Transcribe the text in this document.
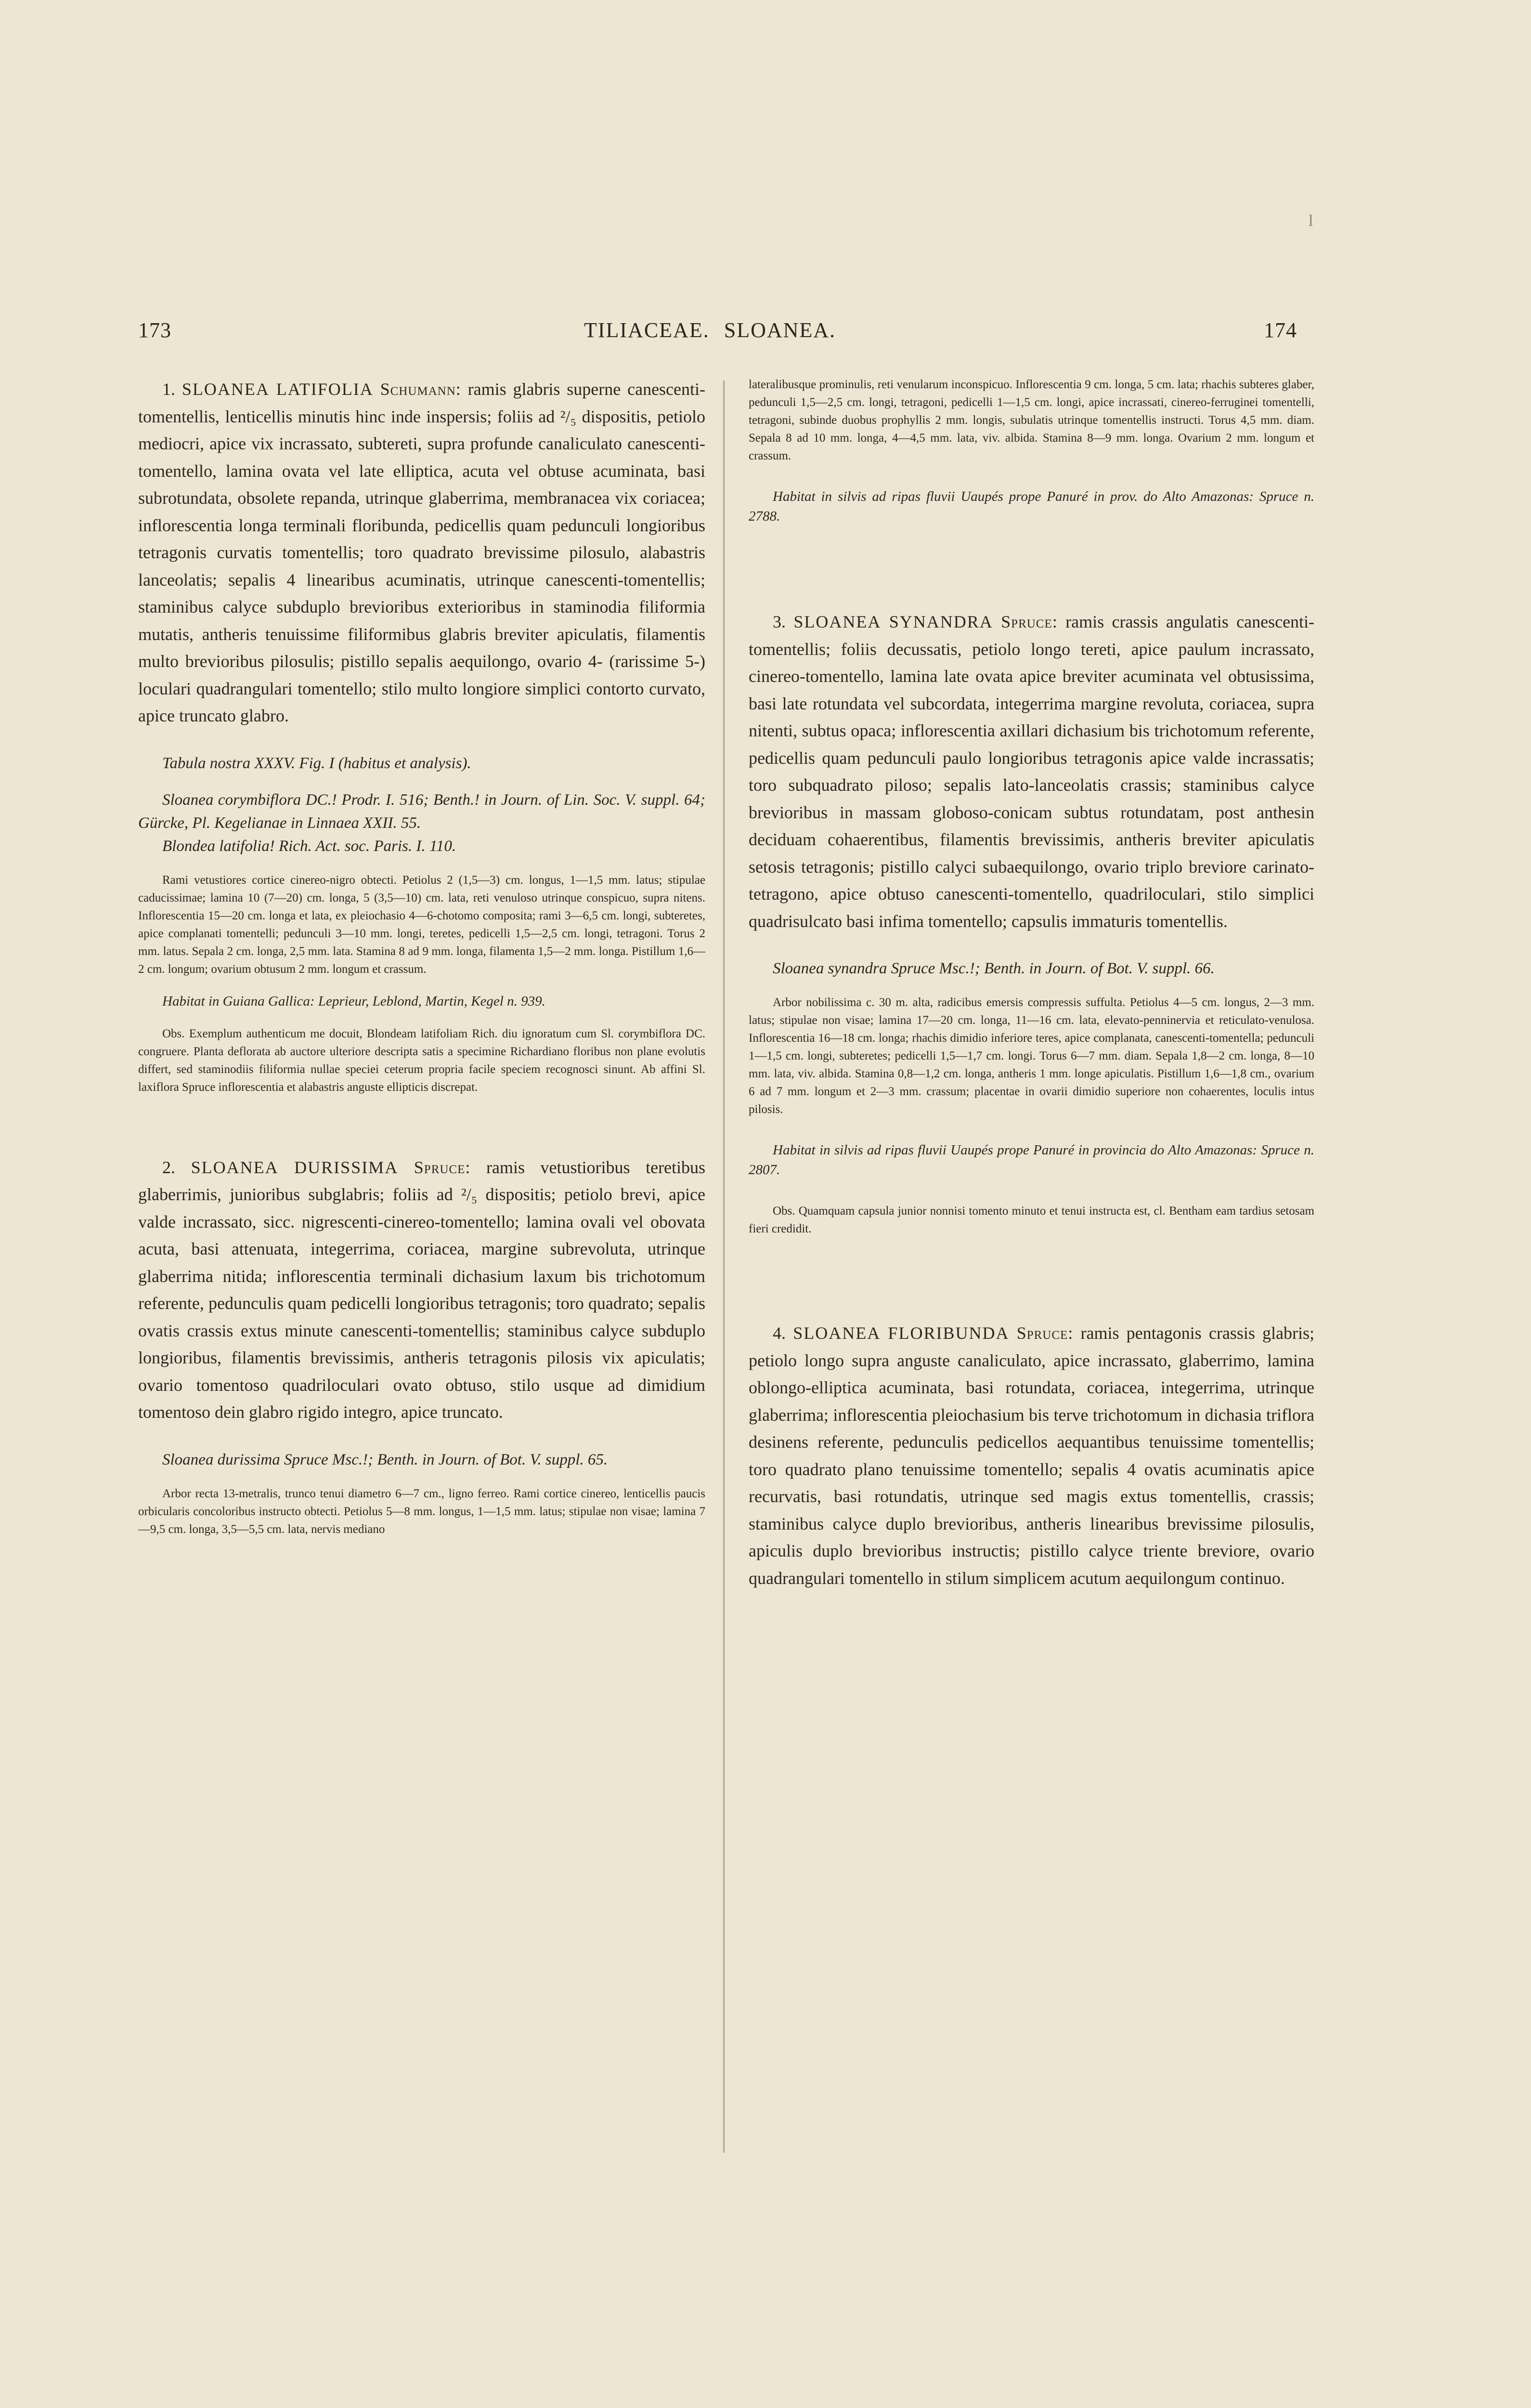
l
173	TILIACEAE. SLOANEA.	174

1. SLOANEA LATIFOLIA Schumann: ramis glabris superne canescenti-tomentellis, lenticellis minutis hinc inde inspersis; foliis ad ²/₅ dispositis, petiolo mediocri, apice vix incrassato, subtereti, supra profunde canaliculato canescenti-tomentello, lamina ovata vel late elliptica, acuta vel obtuse acuminata, basi subrotundata, obsolete repanda, utrinque glaberrima, membranacea vix coriacea; inflorescentia longa terminali floribunda, pedicellis quam pedunculi longioribus tetragonis curvatis tomentellis; toro quadrato brevissime pilosulo, alabastris lanceolatis; sepalis 4 linearibus acuminatis, utrinque canescenti-tomentellis; staminibus calyce subduplo brevioribus exterioribus in staminodia filiformia mutatis, antheris tenuissime filiformibus glabris breviter apiculatis, filamentis multo brevioribus pilosulis; pistillo sepalis aequilongo, ovario 4- (rarissime 5-) loculari quadrangulari tomentello; stilo multo longiore simplici contorto curvato, apice truncato glabro.

Tabula nostra XXXV. Fig. I (habitus et analysis).

Sloanea corymbiflora DC.! Prodr. I. 516; Benth.! in Journ. of Lin. Soc. V. suppl. 64; Gürcke, Pl. Kegelianae in Linnaea XXII. 55.

Blondea latifolia! Rich. Act. soc. Paris. I. 110.

Rami vetustiores cortice cinereo-nigro obtecti. Petiolus 2 (1,5—3) cm. longus, 1—1,5 mm. latus; stipulae caducissimae; lamina 10 (7—20) cm. longa, 5 (3,5—10) cm. lata, reti venuloso utrinque conspicuo, supra nitens. Inflorescentia 15—20 cm. longa et lata, ex pleiochasio 4—6-chotomo composita; rami 3—6,5 cm. longi, subteretes, apice complanati tomentelli; pedunculi 3—10 mm. longi, teretes, pedicelli 1,5—2,5 cm. longi, tetragoni. Torus 2 mm. latus. Sepala 2 cm. longa, 2,5 mm. lata. Stamina 8 ad 9 mm. longa, filamenta 1,5—2 mm. longa. Pistillum 1,6—2 cm. longum; ovarium obtusum 2 mm. longum et crassum.

Habitat in Guiana Gallica: Leprieur, Leblond, Martin, Kegel n. 939.

Obs. Exemplum authenticum me docuit, Blondeam latifoliam Rich. diu ignoratum cum Sl. corymbiflora DC. congruere. Planta deflorata ab auctore ulteriore descripta satis a specimine Richardiano floribus non plane evolutis differt, sed staminodiis filiformia nullae speciei ceterum propria facile speciem recognosci sinunt. Ab affini Sl. laxiflora Spruce inflorescentia et alabastris anguste ellipticis discrepat.

2. SLOANEA DURISSIMA Spruce: ramis vetustioribus teretibus glaberrimis, junioribus subglabris; foliis ad ²/₅ dispositis; petiolo brevi, apice valde incrassato, sicc. nigrescenti-cinereo-tomentello; lamina ovali vel obovata acuta, basi attenuata, integerrima, coriacea, margine subrevoluta, utrinque glaberrima nitida; inflorescentia terminali dichasium laxum bis trichotomum referente, pedunculis quam pedicelli longioribus tetragonis; toro quadrato; sepalis ovatis crassis extus minute canescenti-tomentellis; staminibus calyce subduplo longioribus, filamentis brevissimis, antheris tetragonis pilosis vix apiculatis; ovario tomentoso quadriloculari ovato obtuso, stilo usque ad dimidium tomentoso dein glabro rigido integro, apice truncato.

Sloanea durissima Spruce Msc.!; Benth. in Journ. of Bot. V. suppl. 65.

Arbor recta 13-metralis, trunco tenui diametro 6—7 cm., ligno ferreo. Rami cortice cinereo, lenticellis paucis orbicularis concoloribus instructo obtecti. Petiolus 5—8 mm. longus, 1—1,5 mm. latus; stipulae non visae; lamina 7—9,5 cm. longa, 3,5—5,5 cm. lata, nervis mediano

lateralibusque prominulis, reti venularum inconspicuo. Inflorescentia 9 cm. longa, 5 cm. lata; rhachis subteres glaber, pedunculi 1,5—2,5 cm. longi, tetragoni, pedicelli 1—1,5 cm. longi, apice incrassati, cinereo-ferruginei tomentelli, tetragoni, subinde duobus prophyllis 2 mm. longis, subulatis utrinque tomentellis instructi. Torus 4,5 mm. diam. Sepala 8 ad 10 mm. longa, 4—4,5 mm. lata, viv. albida. Stamina 8—9 mm. longa. Ovarium 2 mm. longum et crassum.

Habitat in silvis ad ripas fluvii Uaupés prope Panuré in prov. do Alto Amazonas: Spruce n. 2788.

3. SLOANEA SYNANDRA Spruce: ramis crassis angulatis canescenti-tomentellis; foliis decussatis, petiolo longo tereti, apice paulum incrassato, cinereo-tomentello, lamina late ovata apice breviter acuminata vel obtusissima, basi late rotundata vel subcordata, integerrima margine revoluta, coriacea, supra nitenti, subtus opaca; inflorescentia axillari dichasium bis trichotomum referente, pedicellis quam pedunculi paulo longioribus tetragonis apice valde incrassatis; toro subquadrato piloso; sepalis lato-lanceolatis crassis; staminibus calyce brevioribus in massam globoso-conicam subtus rotundatam, post anthesin deciduam cohaerentibus, filamentis brevissimis, antheris breviter apiculatis setosis tetragonis; pistillo calyci subaequilongo, ovario triplo breviore carinato-tetragono, apice obtuso canescenti-tomentello, quadriloculari, stilo simplici quadrisulcato basi infima tomentello; capsulis immaturis tomentellis.

Sloanea synandra Spruce Msc.!; Benth. in Journ. of Bot. V. suppl. 66.

Arbor nobilissima c. 30 m. alta, radicibus emersis compressis suffulta. Petiolus 4—5 cm. longus, 2—3 mm. latus; stipulae non visae; lamina 17—20 cm. longa, 11—16 cm. lata, elevato-penninervia et reticulato-venulosa. Inflorescentia 16—18 cm. longa; rhachis dimidio inferiore teres, apice complanata, canescenti-tomentella; pedunculi 1—1,5 cm. longi, subteretes; pedicelli 1,5—1,7 cm. longi. Torus 6—7 mm. diam. Sepala 1,8—2 cm. longa, 8—10 mm. lata, viv. albida. Stamina 0,8—1,2 cm. longa, antheris 1 mm. longe apiculatis. Pistillum 1,6—1,8 cm., ovarium 6 ad 7 mm. longum et 2—3 mm. crassum; placentae in ovarii dimidio superiore non cohaerentes, loculis intus pilosis.

Habitat in silvis ad ripas fluvii Uaupés prope Panuré in provincia do Alto Amazonas: Spruce n. 2807.

Obs. Quamquam capsula junior nonnisi tomento minuto et tenui instructa est, cl. Bentham eam tardius setosam fieri credidit.

4. SLOANEA FLORIBUNDA Spruce: ramis pentagonis crassis glabris; petiolo longo supra anguste canaliculato, apice incrassato, glaberrimo, lamina oblongo-elliptica acuminata, basi rotundata, coriacea, integerrima, utrinque glaberrima; inflorescentia pleiochasium bis terve trichotomum in dichasia triflora desinens referente, pedunculis pedicellos aequantibus tenuissime tomentellis; toro quadrato plano tenuissime tomentello; sepalis 4 ovatis acuminatis apice recurvatis, basi rotundatis, utrinque sed magis extus tomentellis, crassis; staminibus calyce duplo brevioribus, antheris linearibus brevissime pilosulis, apiculis duplo brevioribus instructis; pistillo calyce triente breviore, ovario quadrangulari tomentello in stilum simplicem acutum aequilongum continuo.
